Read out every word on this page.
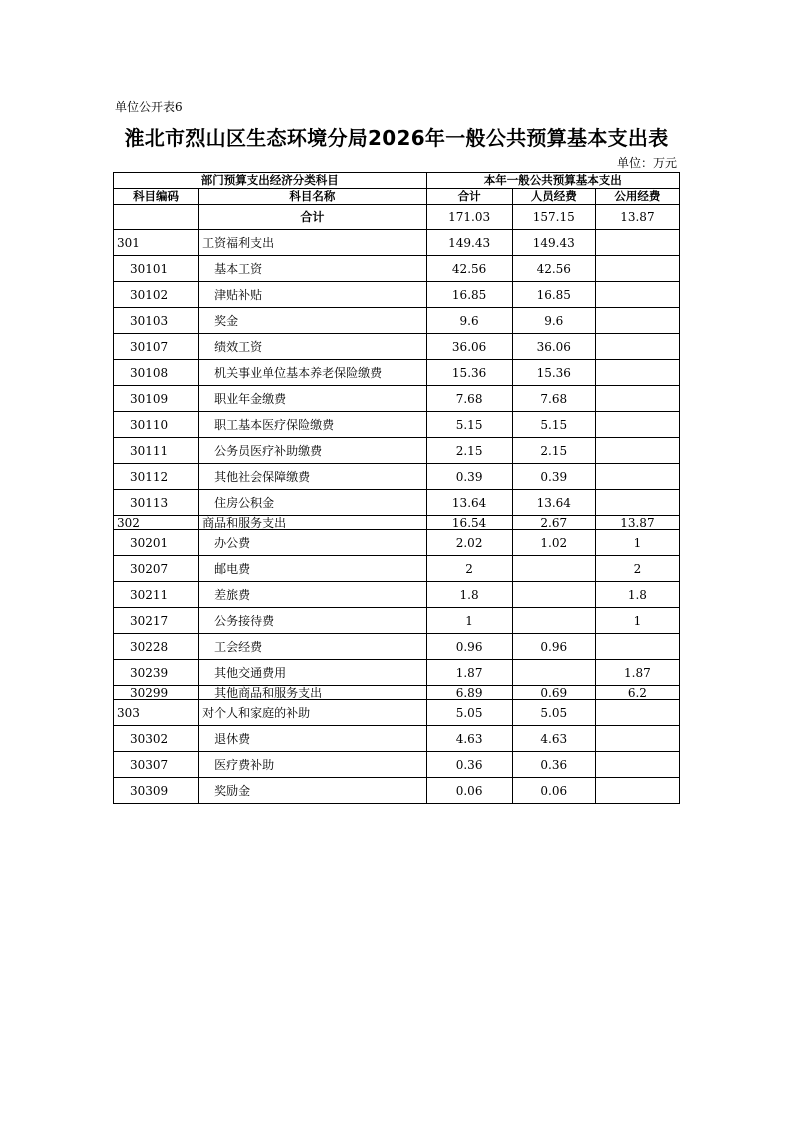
单位公开表6
淮北市烈山区生态环境分局2026年一般公共预算基本支出表
单位：万元
部门预算支出经济分类科目		本年一般公共预算基本支出		
科目编码	科目名称	合计	人员经费	公用经费
	合计	171.03	157.15	13.87
301	工资福利支出	149.43	149.43	
30101	基本工资	42.56	42.56	
30102	津贴补贴	16.85	16.85	
30103	奖金	9.6	9.6	
30107	绩效工资	36.06	36.06	
30108	机关事业单位基本养老保险缴费	15.36	15.36	
30109	职业年金缴费	7.68	7.68	
30110	职工基本医疗保险缴费	5.15	5.15	
30111	公务员医疗补助缴费	2.15	2.15	
30112	其他社会保障缴费	0.39	0.39	
30113	住房公积金	13.64	13.64	
302	商品和服务支出	16.54	2.67	13.87
30201	办公费	2.02	1.02	1
30207	邮电费	2		2
30211	差旅费	1.8		1.8
30217	公务接待费	1		1
30228	工会经费	0.96	0.96	
30239	其他交通费用	1.87		1.87
30299	其他商品和服务支出	6.89	0.69	6.2
303	对个人和家庭的补助	5.05	5.05	
30302	退休费	4.63	4.63	
30307	医疗费补助	0.36	0.36	
30309	奖励金	0.06	0.06	
